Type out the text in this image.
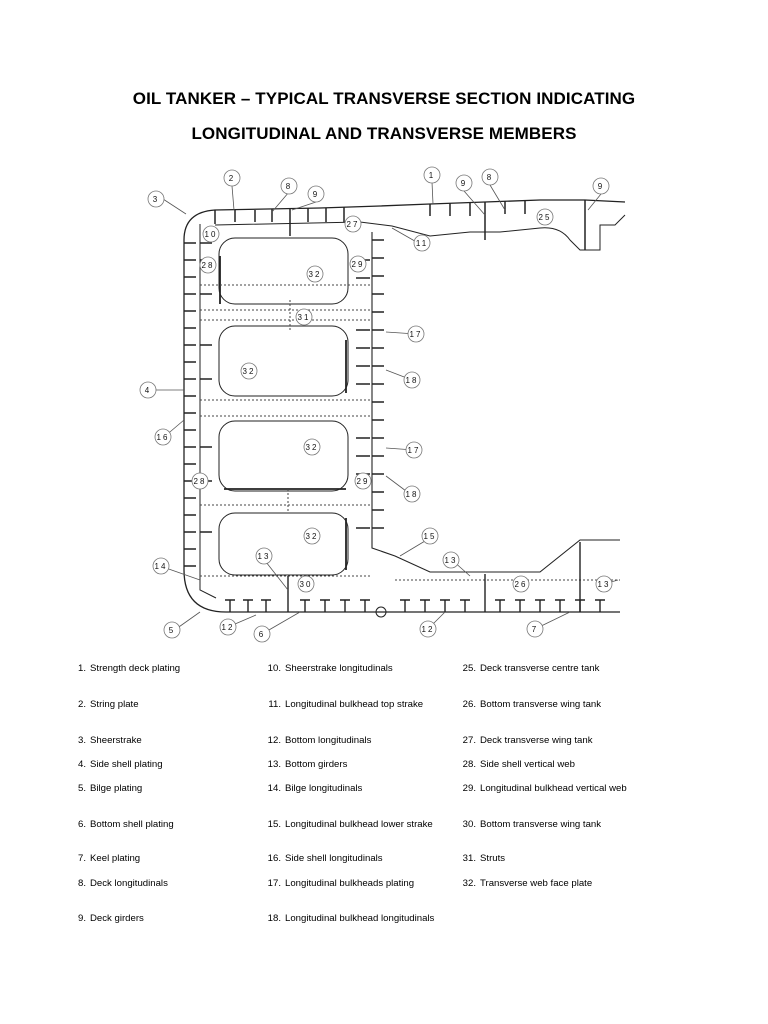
OIL TANKER – TYPICAL TRANSVERSE SECTION INDICATING
LONGITUDINAL AND TRANSVERSE MEMBERS
3
2
8
9
1
9
8
9
10
27
25
11
28
32
29
31
17
32
18
4
16
32	17
28	29
18
32	15
14
13	13
30	26	13
5	12
6
12	7
1. Strength deck plating
2. String plate
3. Sheerstrake
4. Side shell plating
5. Bilge plating
6. Bottom shell plating
7. Keel plating
8. Deck longitudinals
9. Deck girders
10. Sheerstrake longitudinals
11. Longitudinal bulkhead top strake
12. Bottom longitudinals
13. Bottom girders
14. Bilge longitudinals
15. Longitudinal bulkhead lower strake
16. Side shell longitudinals
17. Longitudinal bulkheads plating
18. Longitudinal bulkhead longitudinals
25. Deck transverse centre tank
26. Bottom transverse wing tank
27. Deck transverse wing tank
28. Side shell vertical web
29. Longitudinal bulkhead vertical web
30. Bottom transverse wing tank
31. Struts
32. Transverse web face plate
